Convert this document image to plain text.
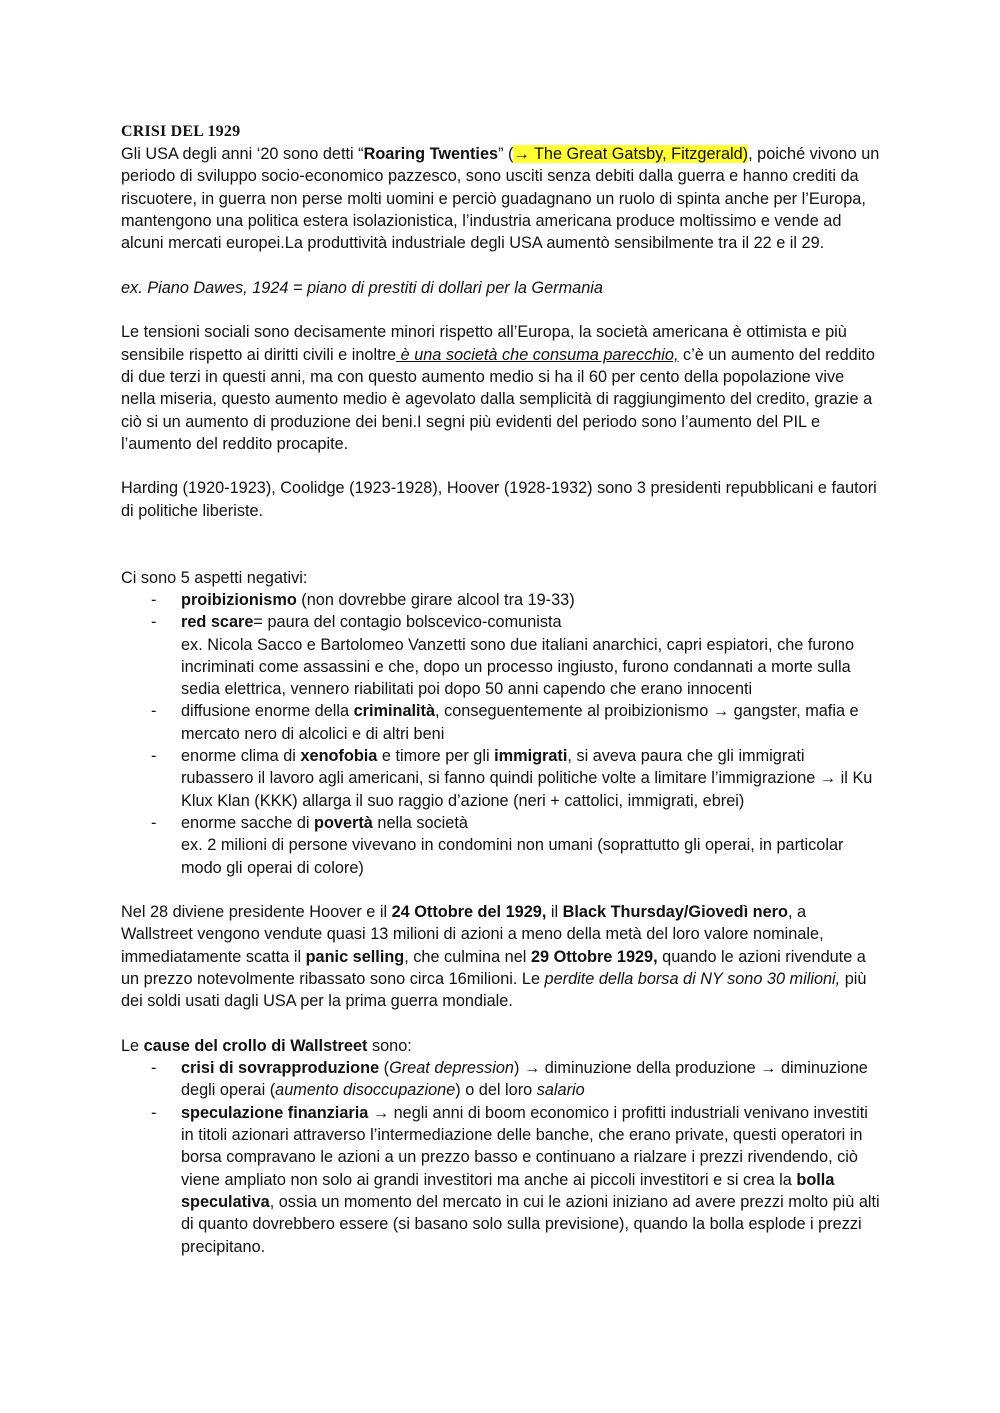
CRISI DEL 1929

Gli USA degli anni ‘20 sono detti “Roaring Twenties” (→ The Great Gatsby, Fitzgerald), poiché vivono un periodo di sviluppo socio-economico pazzesco, sono usciti senza debiti dalla guerra e hanno crediti da riscuotere, in guerra non perse molti uomini e perciò guadagnano un ruolo di spinta anche per l’Europa, mantengono una politica estera isolazionistica, l’industria americana produce moltissimo e vende ad alcuni mercati europei.La produttività industriale degli USA aumentò sensibilmente tra il 22 e il 29.

ex. Piano Dawes, 1924 = piano di prestiti di dollari per la Germania

Le tensioni sociali sono decisamente minori rispetto all’Europa, la società americana è ottimista e più sensibile rispetto ai diritti civili e inoltre è una società che consuma parecchio, c’è un aumento del reddito di due terzi in questi anni, ma con questo aumento medio si ha il 60 per cento della popolazione vive nella miseria, questo aumento medio è agevolato dalla semplicità di raggiungimento del credito, grazie a ciò si un aumento di produzione dei beni.I segni più evidenti del periodo sono l’aumento del PIL e l’aumento del reddito procapite.

Harding (1920-1923), Coolidge (1923-1928), Hoover (1928-1932) sono 3 presidenti repubblicani e fautori di politiche liberiste.

Ci sono 5 aspetti negativi:

- proibizionismo (non dovrebbe girare alcool tra 19-33)
- red scare= paura del contagio bolscevico-comunista
ex. Nicola Sacco e Bartolomeo Vanzetti sono due italiani anarchici, capri espiatori, che furono incriminati come assassini e che, dopo un processo ingiusto, furono condannati a morte sulla sedia elettrica, vennero riabilitati poi dopo 50 anni capendo che erano innocenti
- diffusione enorme della criminalità, conseguentemente al proibizionismo → gangster, mafia e mercato nero di alcolici e di altri beni
- enorme clima di xenofobia e timore per gli immigrati, si aveva paura che gli immigrati rubassero il lavoro agli americani, si fanno quindi politiche volte a limitare l’immigrazione → il Ku Klux Klan (KKK) allarga il suo raggio d’azione (neri + cattolici, immigrati, ebrei)
- enorme sacche di povertà nella società
ex. 2 milioni di persone vivevano in condomini non umani (soprattutto gli operai, in particolar modo gli operai di colore)

Nel 28 diviene presidente Hoover e il 24 Ottobre del 1929, il Black Thursday/Giovedì nero, a Wallstreet vengono vendute quasi 13 milioni di azioni a meno della metà del loro valore nominale, immediatamente scatta il panic selling, che culmina nel 29 Ottobre 1929, quando le azioni rivendute a un prezzo notevolmente ribassato sono circa 16milioni. Le perdite della borsa di NY sono 30 milioni, più dei soldi usati dagli USA per la prima guerra mondiale.

Le cause del crollo di Wallstreet sono:

- crisi di sovrapproduzione (Great depression) → diminuzione della produzione → diminuzione degli operai (aumento disoccupazione) o del loro salario
- speculazione finanziaria → negli anni di boom economico i profitti industriali venivano investiti in titoli azionari attraverso l’intermediazione delle banche, che erano private, questi operatori in borsa compravano le azioni a un prezzo basso e continuano a rialzare i prezzi rivendendo, ciò viene ampliato non solo ai grandi investitori ma anche ai piccoli investitori e si crea la bolla speculativa, ossia un momento del mercato in cui le azioni iniziano ad avere prezzi molto più alti di quanto dovrebbero essere (si basano solo sulla previsione), quando la bolla esplode i prezzi precipitano.
